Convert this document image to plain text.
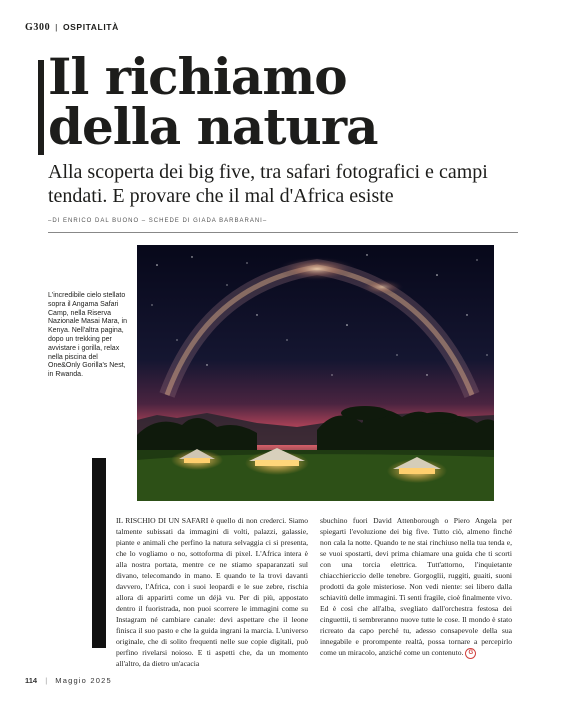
G300 | OSPITALITÀ
Il richiamo
della natura

Alla scoperta dei big five, tra safari fotografici e campi tendati. E provare che il mal d'Africa esiste

–DI ENRICO DAL BUONO – SCHEDE DI GIADA BARBARANI–
L'incredibile cielo stellato sopra il Angama Safari Camp, nella Riserva Nazionale Masai Mara, in Kenya. Nell'altra pagina, dopo un trekking per avvistare i gorilla, relax nella piscina del One&Only Gorilla's Nest, in Rwanda.

IL RISCHIO DI UN SAFARI è quello di non crederci. Siamo talmente subissati da immagini di volti, palazzi, galassie, piante e animali che perfino la natura selvaggia ci si presenta, che lo vogliamo o no, sottoforma di pixel. L'Africa intera è alla nostra portata, mentre ce ne stiamo spaparanzati sul divano, telecomando in mano. E quando te la trovi davanti davvero, l'Africa, con i suoi leopardi e le sue zebre, rischia allora di apparirti come un déjà vu. Per di più, appostato dentro il fuoristrada, non puoi scorrere le immagini come su Instagram né cambiare canale: devi aspettare che il leone finisca il suo pasto e che la guida ingrani la marcia. L'universo originale, che di solito frequenti nelle sue copie digitali, può perfino rivelarsi noioso. E ti aspetti che, da un momento all'altro, da dietro un'acacia

sbuchino fuori David Attenborough o Piero Angela per spiegarti l'evoluzione dei big five. Tutto ciò, almeno finché non cala la notte. Quando te ne stai rinchiuso nella tua tenda e, se vuoi spostarti, devi prima chiamare una guida che ti scorti con una torcia elettrica. Tutt'attorno, l'inquietante chiacchiericcio delle tenebre. Gorgoglii, ruggiti, guaiti, suoni prodotti da gole misteriose. Non vedi niente: sei libero dalla schiavitù delle immagini. Ti senti fragile, cioè finalmente vivo. Ed è così che all'alba, svegliato dall'orchestra festosa dei cinguettii, ti sembreranno nuove tutte le cose. Il mondo è stato ricreato da capo perché tu, adesso consapevole della sua innegabile e prorompente realtà, possa tornare a percepirlo come un miracolo, anziché come un contenuto. G

114 | Maggio 2025
